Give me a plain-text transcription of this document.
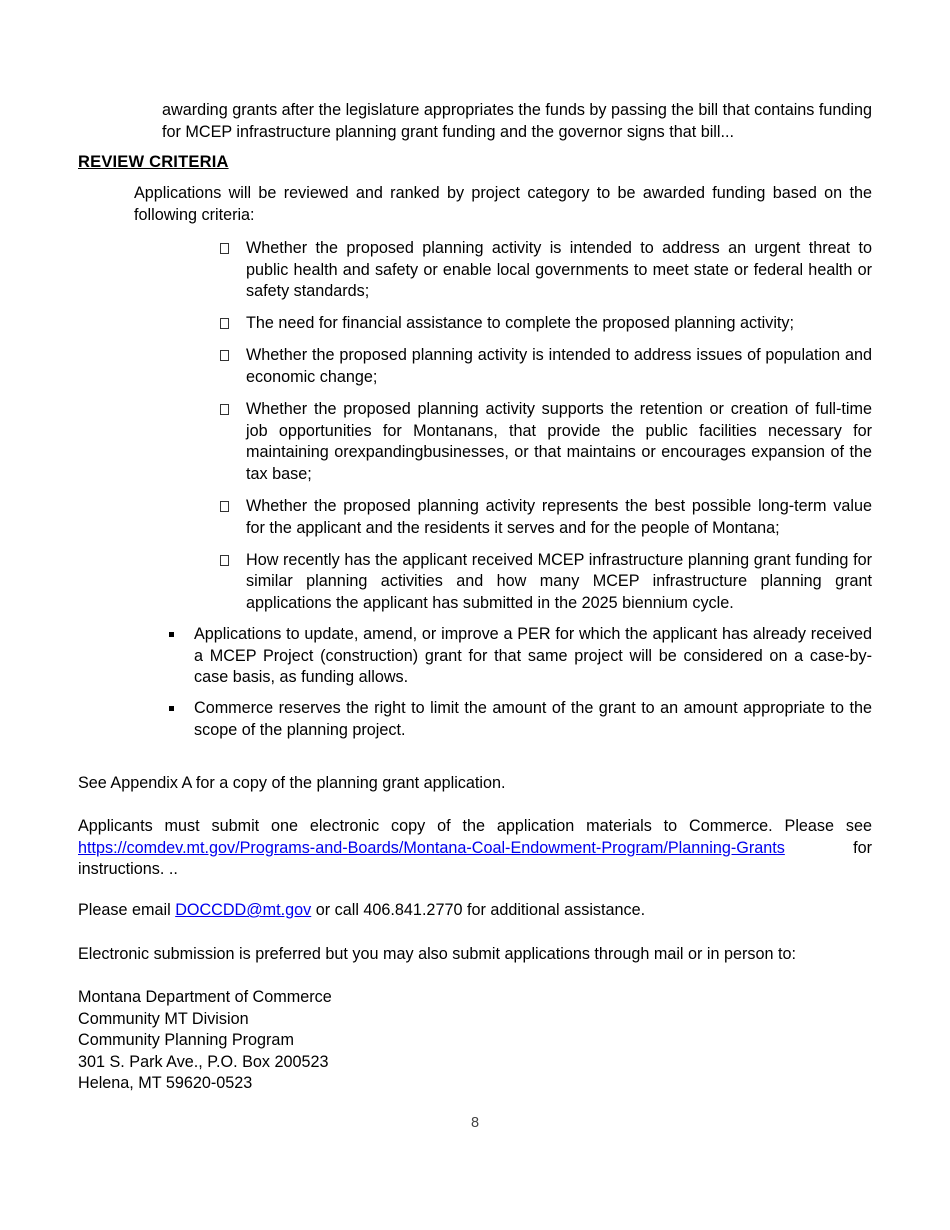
awarding grants after the legislature appropriates the funds by passing the bill that contains funding for MCEP infrastructure planning grant funding and the governor signs that bill...
REVIEW CRITERIA
Applications will be reviewed and ranked by project category to be awarded funding based on the following criteria:
Whether the proposed planning activity is intended to address an urgent threat to public health and safety or enable local governments to meet state or federal health or safety standards;
The need for financial assistance to complete the proposed planning activity;
Whether the proposed planning activity is intended to address issues of population and economic change;
Whether the proposed planning activity supports the retention or creation of full-time job opportunities for Montanans, that provide the public facilities necessary for maintaining orexpandingbusinesses, or that maintains or encourages expansion of the tax base;
Whether the proposed planning activity represents the best possible long-term value for the applicant and the residents it serves and for the people of Montana;
How recently has the applicant received MCEP infrastructure planning grant funding for similar planning activities and how many MCEP infrastructure planning grant applications the applicant has submitted in the 2025 biennium cycle.
Applications to update, amend, or improve a PER for which the applicant has already received a MCEP Project (construction) grant for that same project will be considered on a case-by-case basis, as funding allows.
Commerce reserves the right to limit the amount of the grant to an amount appropriate to the scope of the planning project.
See Appendix A for a copy of the planning grant application.
Applicants must submit one electronic copy of the application materials to Commerce. Please see https://comdev.mt.gov/Programs-and-Boards/Montana-Coal-Endowment-Program/Planning-Grants for instructions. ..
Please email DOCCDD@mt.gov or call 406.841.2770 for additional assistance.
Electronic submission is preferred but you may also submit applications through mail or in person to:
Montana Department of Commerce
Community MT Division
Community Planning Program
301 S. Park Ave., P.O. Box 200523
Helena, MT 59620-0523
8
